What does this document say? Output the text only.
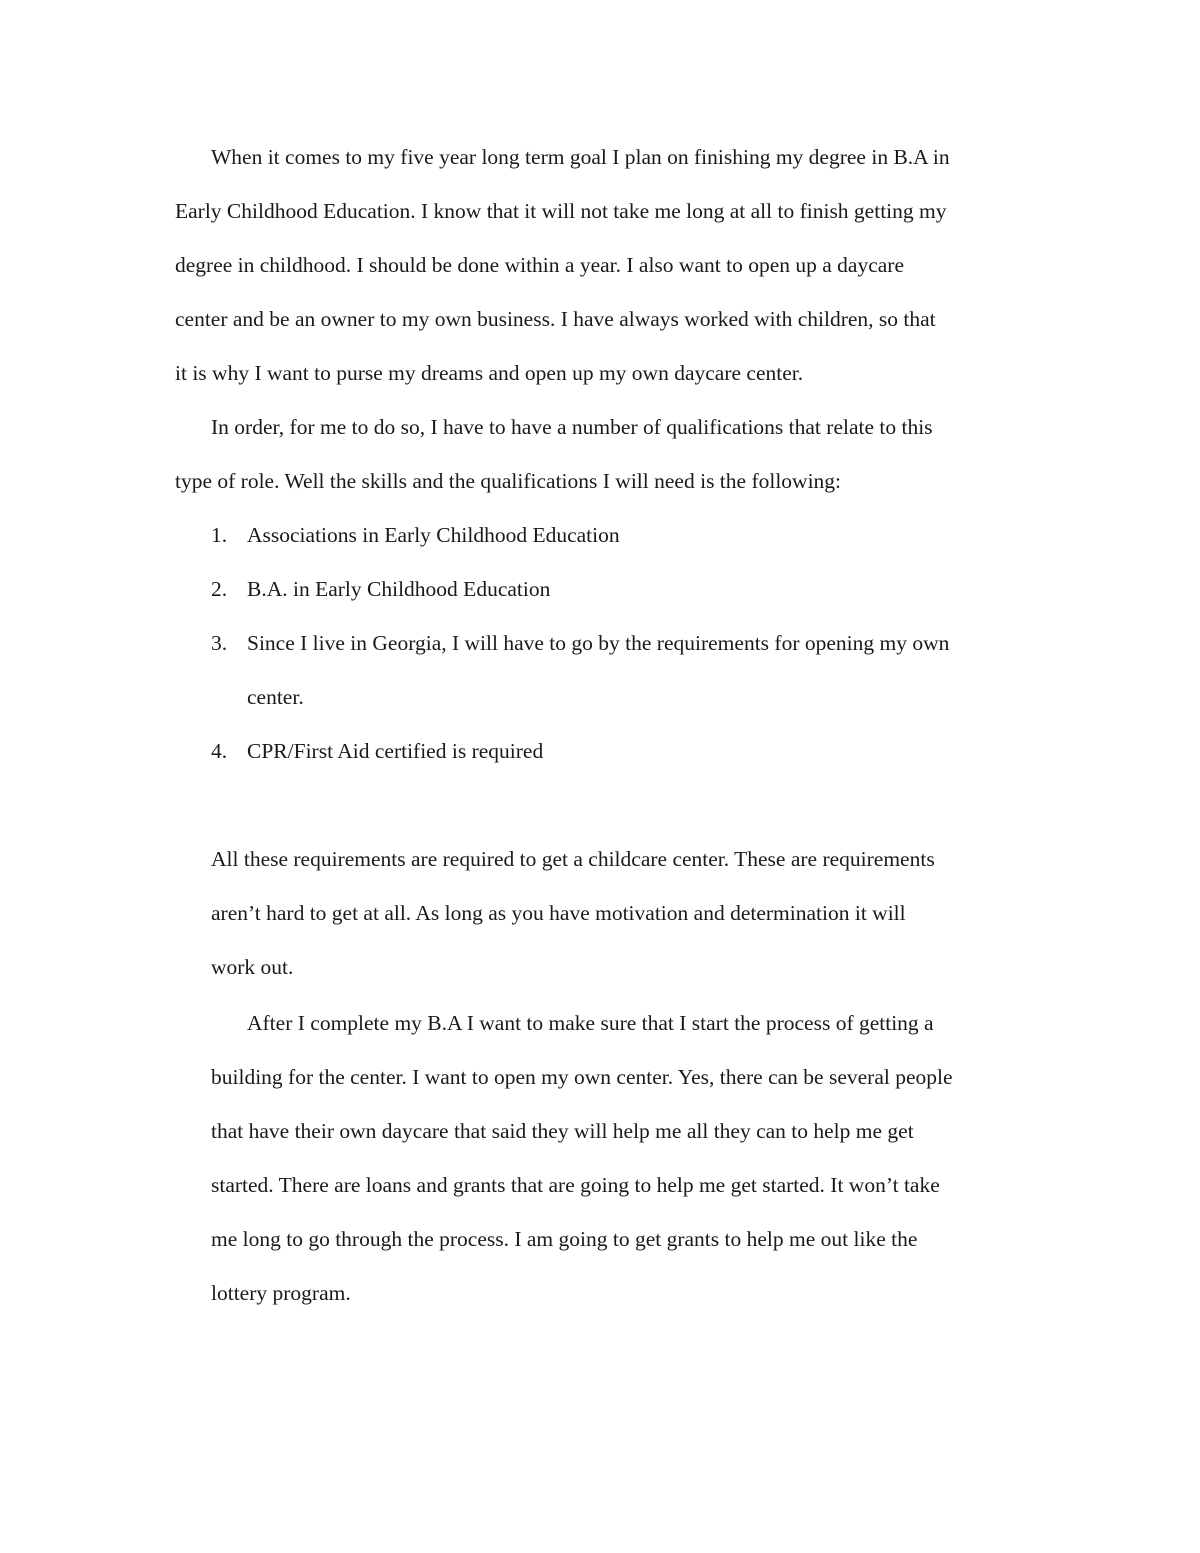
When it comes to my five year long term goal I plan on finishing my degree in B.A in
Early Childhood Education. I know that it will not take me long at all to finish getting my
degree in childhood. I should be done within a year. I also want to open up a daycare
center and be an owner to my own business. I have always worked with children, so that
it is why I want to purse my dreams and open up my own daycare center.
In order, for me to do so, I have to have a number of qualifications that relate to this
type of role. Well the skills and the qualifications I will need is the following:
1. Associations in Early Childhood Education
2. B.A. in Early Childhood Education
3. Since I live in Georgia, I will have to go by the requirements for opening my own
center.
4. CPR/First Aid certified is required
All these requirements are required to get a childcare center. These are requirements
aren’t hard to get at all. As long as you have motivation and determination it will
work out.
After I complete my B.A I want to make sure that I start the process of getting a
building for the center. I want to open my own center. Yes, there can be several people
that have their own daycare that said they will help me all they can to help me get
started. There are loans and grants that are going to help me get started. It won’t take
me long to go through the process. I am going to get grants to help me out like the
lottery program.
